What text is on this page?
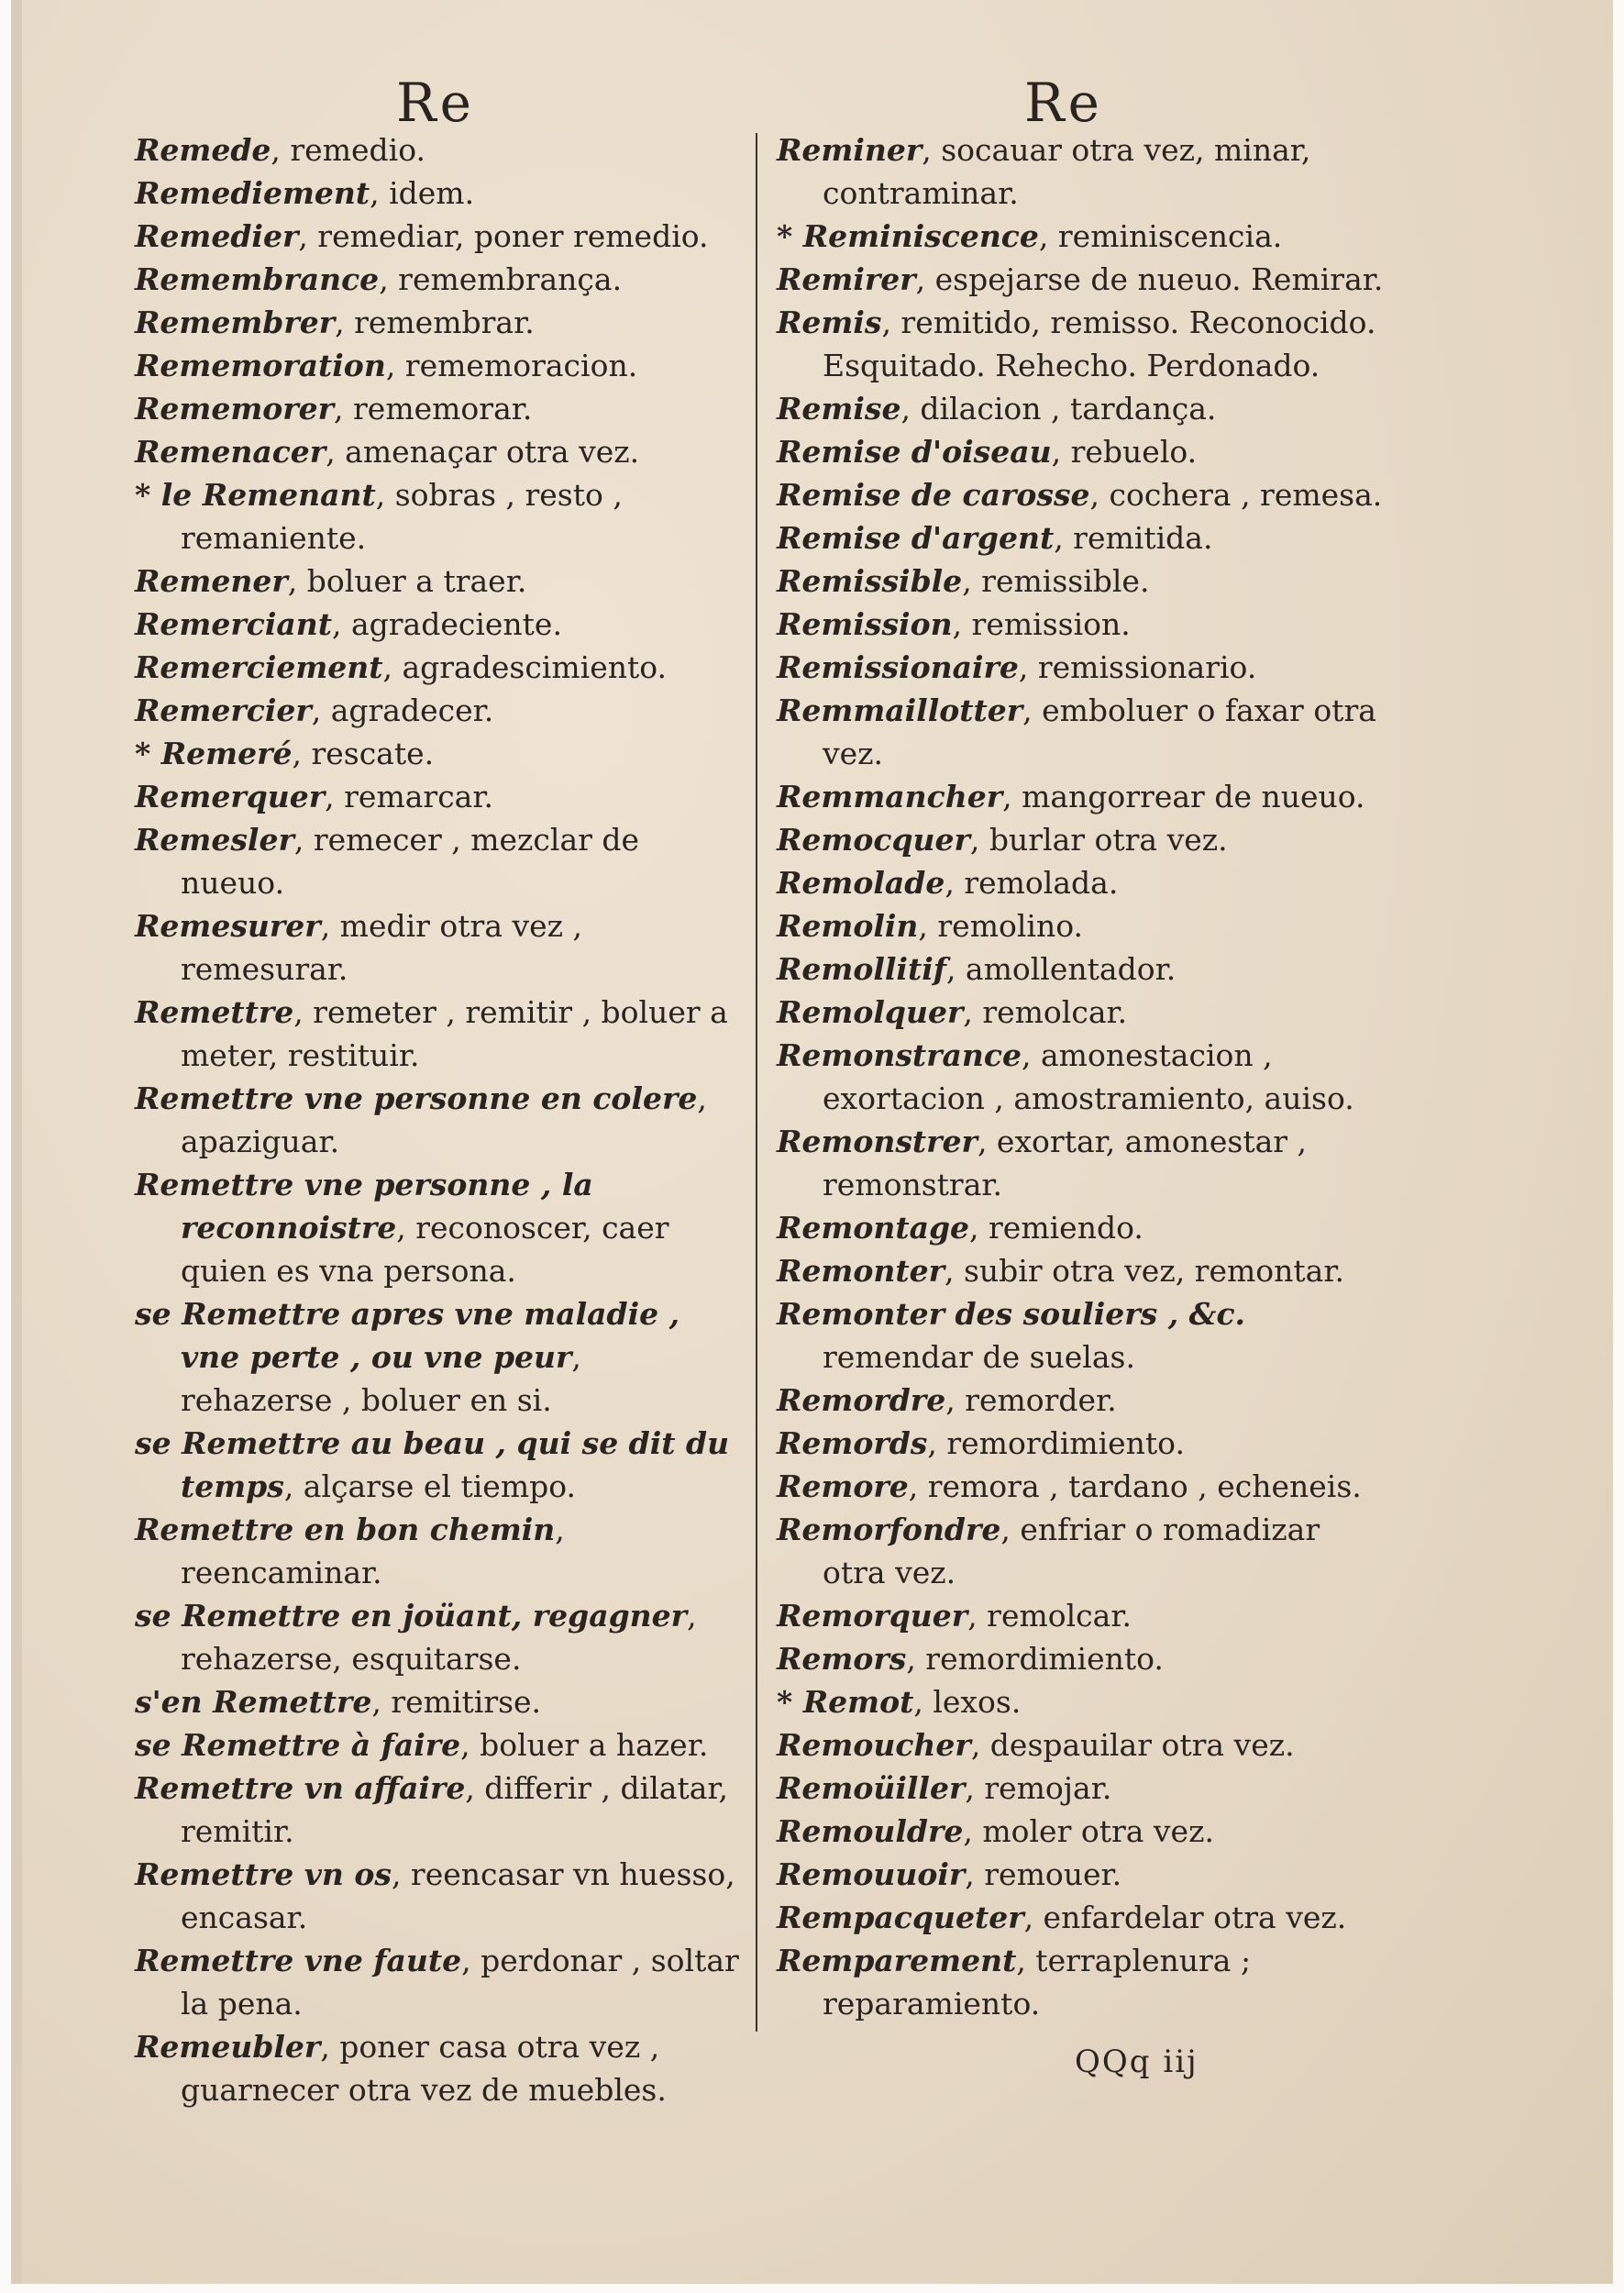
Re	Re
Remede, remedio.
Remediement, idem.
Remedier, remediar, poner remedio.
Remembrance, remembrança.
Remembrer, remembrar.
Rememoration, rememoracion.
Rememorer, rememorar.
Remenacer, amenaçar otra vez.
* le Remenant, sobras , resto , remaniente.
Remener, boluer a traer.
Remerciant, agradeciente.
Remerciement, agradescimiento.
Remercier, agradecer.
* Remeré, rescate.
Remerquer, remarcar.
Remesler, remecer , mezclar de nueuo.
Remesurer, medir otra vez , remesurar.
Remettre, remeter , remitir , boluer a meter, restituir.
Remettre vne personne en colere, apaziguar.
Remettre vne personne , la reconnoistre, reconoscer, caer quien es vna persona.
se Remettre apres vne maladie , vne perte , ou vne peur, rehazerse , boluer en si.
se Remettre au beau , qui se dit du temps, alçarse el tiempo.
Remettre en bon chemin, reencaminar.
se Remettre en joüant, regagner, rehazerse, esquitarse.
s'en Remettre, remitirse.
se Remettre à faire, boluer a hazer.
Remettre vn affaire, differir , dilatar, remitir.
Remettre vn os, reencasar vn huesso, encasar.
Remettre vne faute, perdonar , soltar la pena.
Remeubler, poner casa otra vez , guarnecer otra vez de muebles.
Reminer, socauar otra vez, minar, contraminar.
* Reminiscence, reminiscencia.
Remirer, espejarse de nueuo. Remirar.
Remis, remitido, remisso. Reconocido. Esquitado. Rehecho. Perdonado.
Remise, dilacion , tardança.
Remise d'oiseau, rebuelo.
Remise de carosse, cochera , remesa.
Remise d'argent, remitida.
Remissible, remissible.
Remission, remission.
Remissionaire, remissionario.
Remmaillotter, emboluer o faxar otra vez.
Remmancher, mangorrear de nueuo.
Remocquer, burlar otra vez.
Remolade, remolada.
Remolin, remolino.
Remollitif, amollentador.
Remolquer, remolcar.
Remonstrance, amonestacion , exortacion , amostramiento, auiso.
Remonstrer, exortar, amonestar , remonstrar.
Remontage, remiendo.
Remonter, subir otra vez, remontar.
Remonter des souliers , &c. remendar de suelas.
Remordre, remorder.
Remords, remordimiento.
Remore, remora , tardano , echeneis.
Remorfondre, enfriar o romadizar otra vez.
Remorquer, remolcar.
Remors, remordimiento.
* Remot, lexos.
Remoucher, despauilar otra vez.
Remoüiller, remojar.
Remouldre, moler otra vez.
Remouuoir, remouer.
Rempacqueter, enfardelar otra vez.
Remparement, terraplenura ; reparamiento.
QQq iij
